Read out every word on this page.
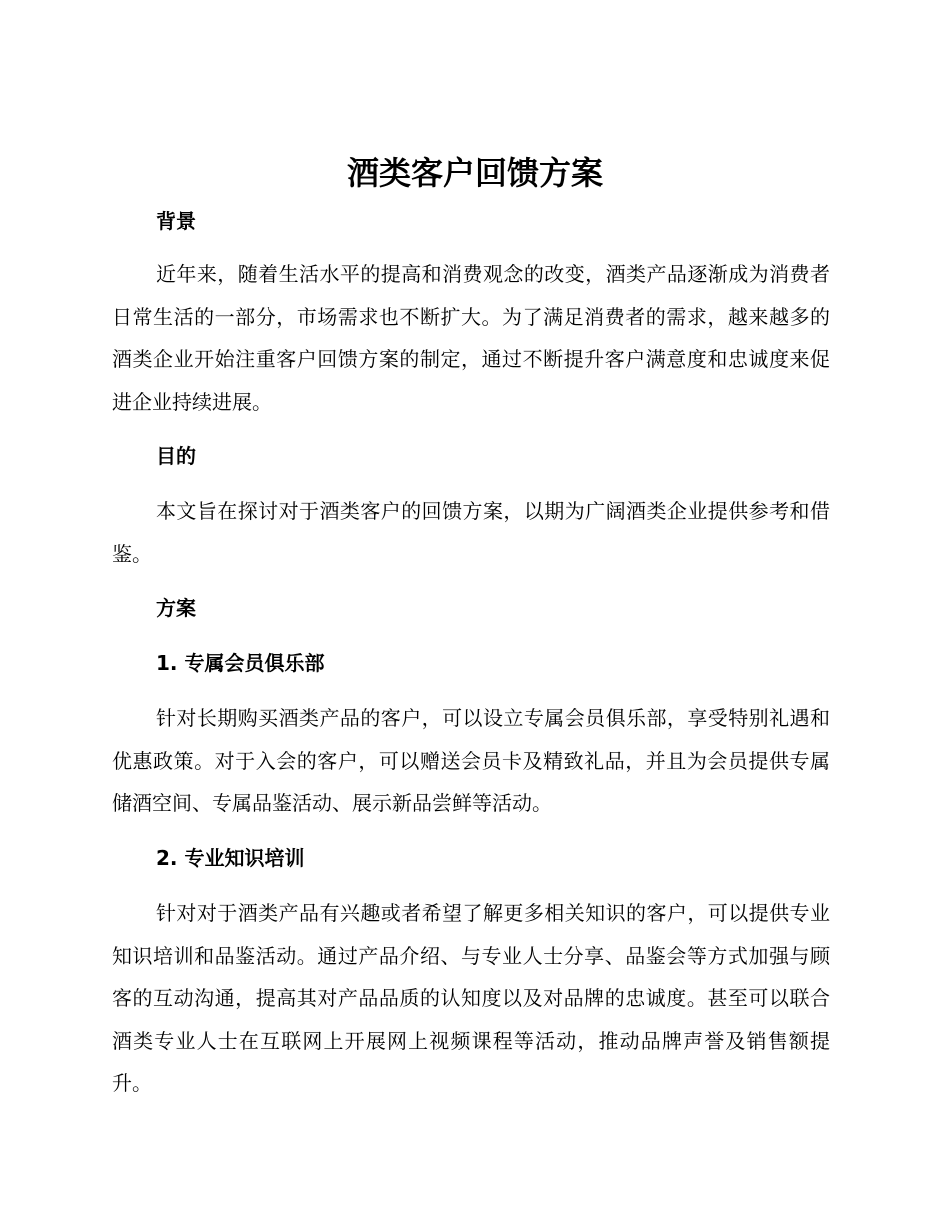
酒类客户回馈方案
背景

近年来，随着生活水平的提高和消费观念的改变，酒类产品逐渐成为消费者日常生活的一部分，市场需求也不断扩大。为了满足消费者的需求，越来越多的酒类企业开始注重客户回馈方案的制定，通过不断提升客户满意度和忠诚度来促进企业持续进展。

目的

本文旨在探讨对于酒类客户的回馈方案，以期为广阔酒类企业提供参考和借鉴。

方案
1. 专属会员俱乐部

针对长期购买酒类产品的客户，可以设立专属会员俱乐部，享受特别礼遇和优惠政策。对于入会的客户，可以赠送会员卡及精致礼品，并且为会员提供专属储酒空间、专属品鉴活动、展示新品尝鲜等活动。

2. 专业知识培训

针对对于酒类产品有兴趣或者希望了解更多相关知识的客户，可以提供专业知识培训和品鉴活动。通过产品介绍、与专业人士分享、品鉴会等方式加强与顾客的互动沟通，提高其对产品品质的认知度以及对品牌的忠诚度。甚至可以联合酒类专业人士在互联网上开展网上视频课程等活动，推动品牌声誉及销售额提升。
